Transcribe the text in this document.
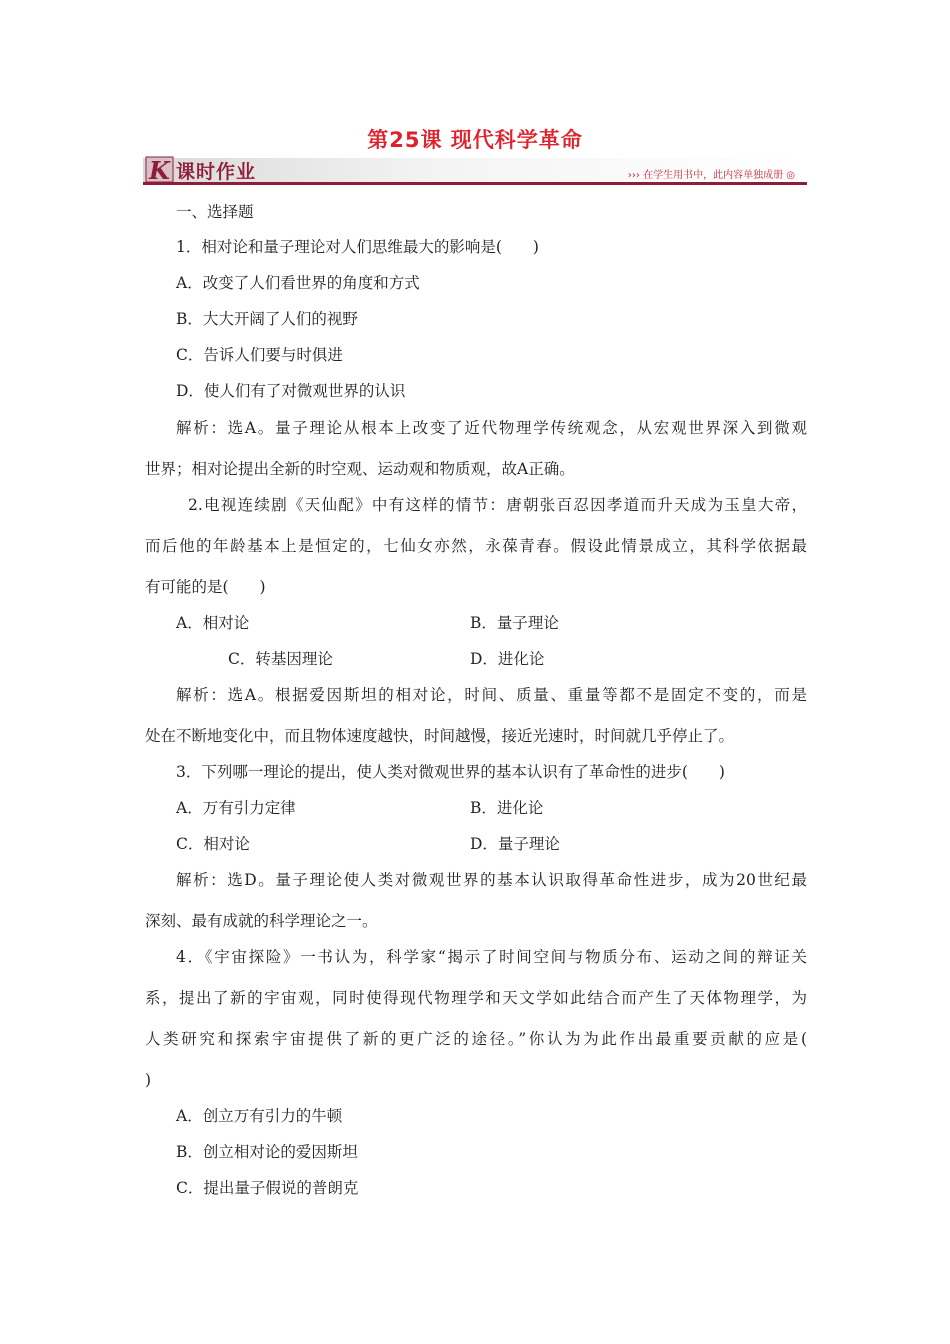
第25课 现代科学革命
K 课时作业	››› 在学生用书中，此内容单独成册 ◎
一、选择题
1．相对论和量子理论对人们思维最大的影响是(　　)
A．改变了人们看世界的角度和方式
B．大大开阔了人们的视野
C．告诉人们要与时俱进
D．使人们有了对微观世界的认识
解析：选A。量子理论从根本上改变了近代物理学传统观念，从宏观世界深入到微观
世界；相对论提出全新的时空观、运动观和物质观，故A正确。
2.电视连续剧《天仙配》中有这样的情节：唐朝张百忍因孝道而升天成为玉皇大帝，
而后他的年龄基本上是恒定的，七仙女亦然，永葆青春。假设此情景成立，其科学依据最
有可能的是(　　)
A．相对论	B．量子理论
C．转基因理论	D．进化论
解析：选A。根据爱因斯坦的相对论，时间、质量、重量等都不是固定不变的，而是
处在不断地变化中，而且物体速度越快，时间越慢，接近光速时，时间就几乎停止了。
3．下列哪一理论的提出，使人类对微观世界的基本认识有了革命性的进步(　　)
A．万有引力定律	B．进化论
C．相对论	D．量子理论
解析：选D。量子理论使人类对微观世界的基本认识取得革命性进步，成为20世纪最
深刻、最有成就的科学理论之一。
4．《宇宙探险》一书认为，科学家“揭示了时间空间与物质分布、运动之间的辩证关
系，提出了新的宇宙观，同时使得现代物理学和天文学如此结合而产生了天体物理学，为
人类研究和探索宇宙提供了新的更广泛的途径。”你认为为此作出最重要贡献的应是(
)
A．创立万有引力的牛顿
B．创立相对论的爱因斯坦
C．提出量子假说的普朗克
